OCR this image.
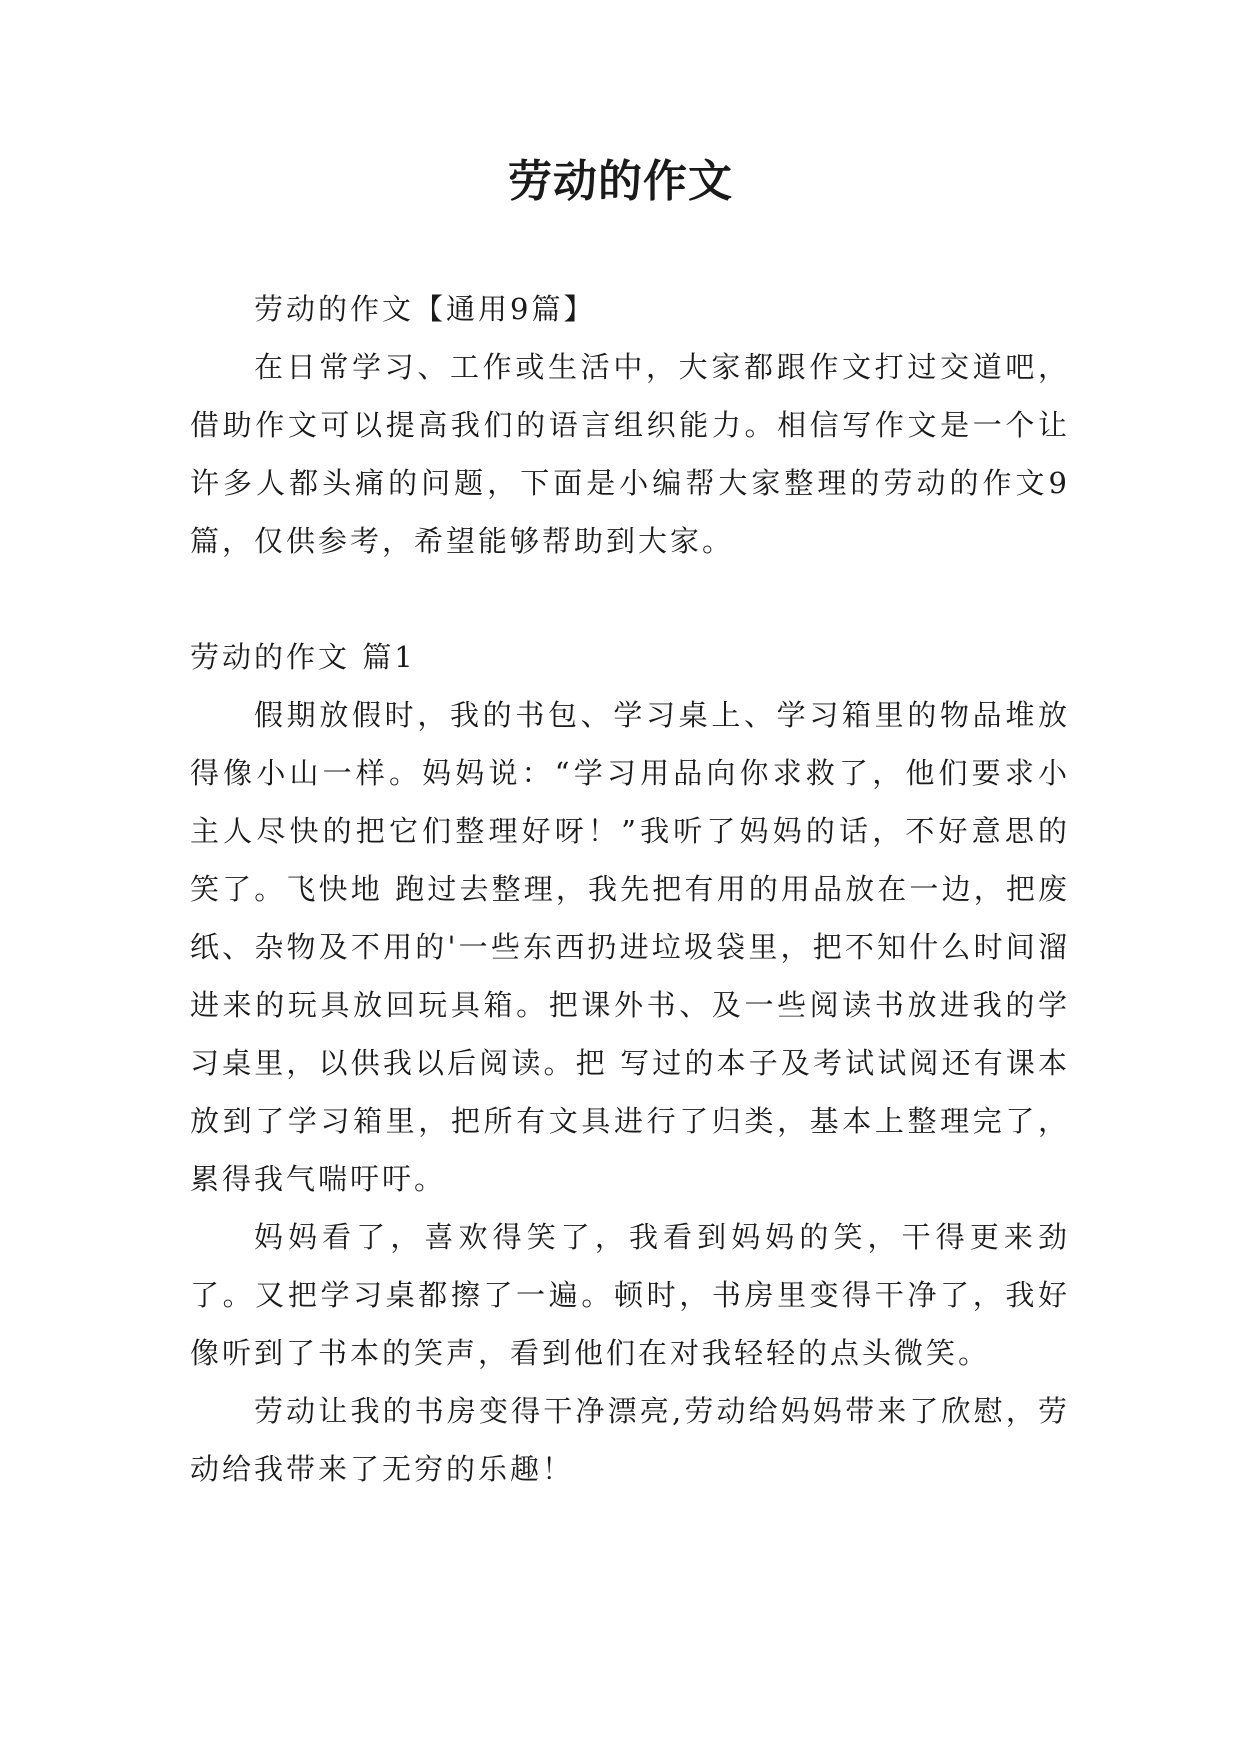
劳动的作文

劳动的作文【通用9篇】

在日常学习、工作或生活中，大家都跟作文打过交道吧，借助作文可以提高我们的语言组织能力。相信写作文是一个让许多人都头痛的问题，下面是小编帮大家整理的劳动的作文9篇，仅供参考，希望能够帮助到大家。

劳动的作文 篇1

假期放假时，我的书包、学习桌上、学习箱里的物品堆放得像小山一样。妈妈说：“学习用品向你求救了，他们要求小主人尽快的把它们整理好呀！”我听了妈妈的话，不好意思的笑了。飞快地 跑过去整理，我先把有用的用品放在一边，把废纸、杂物及不用的'一些东西扔进垃圾袋里，把不知什么时间溜进来的玩具放回玩具箱。把课外书、及一些阅读书放进我的学习桌里，以供我以后阅读。把 写过的本子及考试试阅还有课本放到了学习箱里，把所有文具进行了归类，基本上整理完了，累得我气喘吁吁。

妈妈看了，喜欢得笑了，我看到妈妈的笑，干得更来劲了。又把学习桌都擦了一遍。顿时，书房里变得干净了，我好像听到了书本的笑声，看到他们在对我轻轻的点头微笑。

劳动让我的书房变得干净漂亮,劳动给妈妈带来了欣慰，劳动给我带来了无穷的乐趣！
